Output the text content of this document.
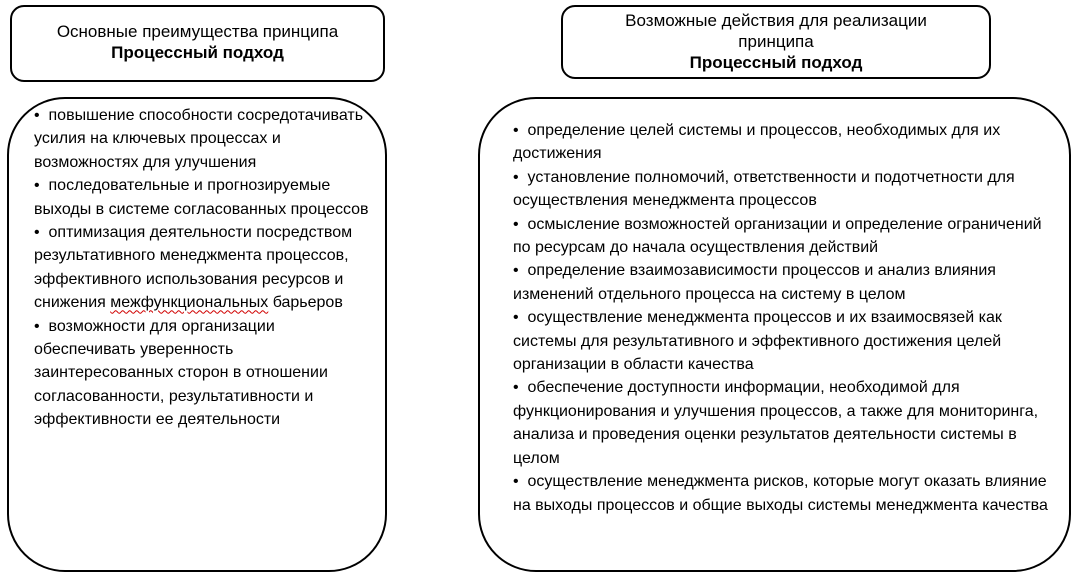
Основные преимущества принципа
Процессный подход
Возможные действия для реализации
принципа
Процессный подход
•  повышение способности сосредотачивать усилия на ключевых процессах и возможностях для улучшения
•  последовательные и прогнозируемые выходы в системе согласованных процессов
•  оптимизация деятельности посредством результативного менеджмента процессов, эффективного использования ресурсов и снижения межфункциональных барьеров
•  возможности для организации обеспечивать уверенность заинтересованных сторон в отношении согласованности, результативности и эффективности ее деятельности
•  определение целей системы и процессов, необходимых для их достижения
•  установление полномочий, ответственности и подотчетности для осуществления менеджмента процессов
•  осмысление возможностей организации и определение ограничений по ресурсам до начала осуществления действий
•  определение взаимозависимости процессов и анализ влияния изменений отдельного процесса на систему в целом
•  осуществление менеджмента процессов и их взаимосвязей как системы для результативного и эффективного достижения целей организации в области качества
•  обеспечение доступности информации, необходимой для функционирования и улучшения процессов, а также для мониторинга, анализа и проведения оценки результатов деятельности системы в целом
•  осуществление менеджмента рисков, которые могут оказать влияние на выходы процессов и общие выходы системы менеджмента качества
